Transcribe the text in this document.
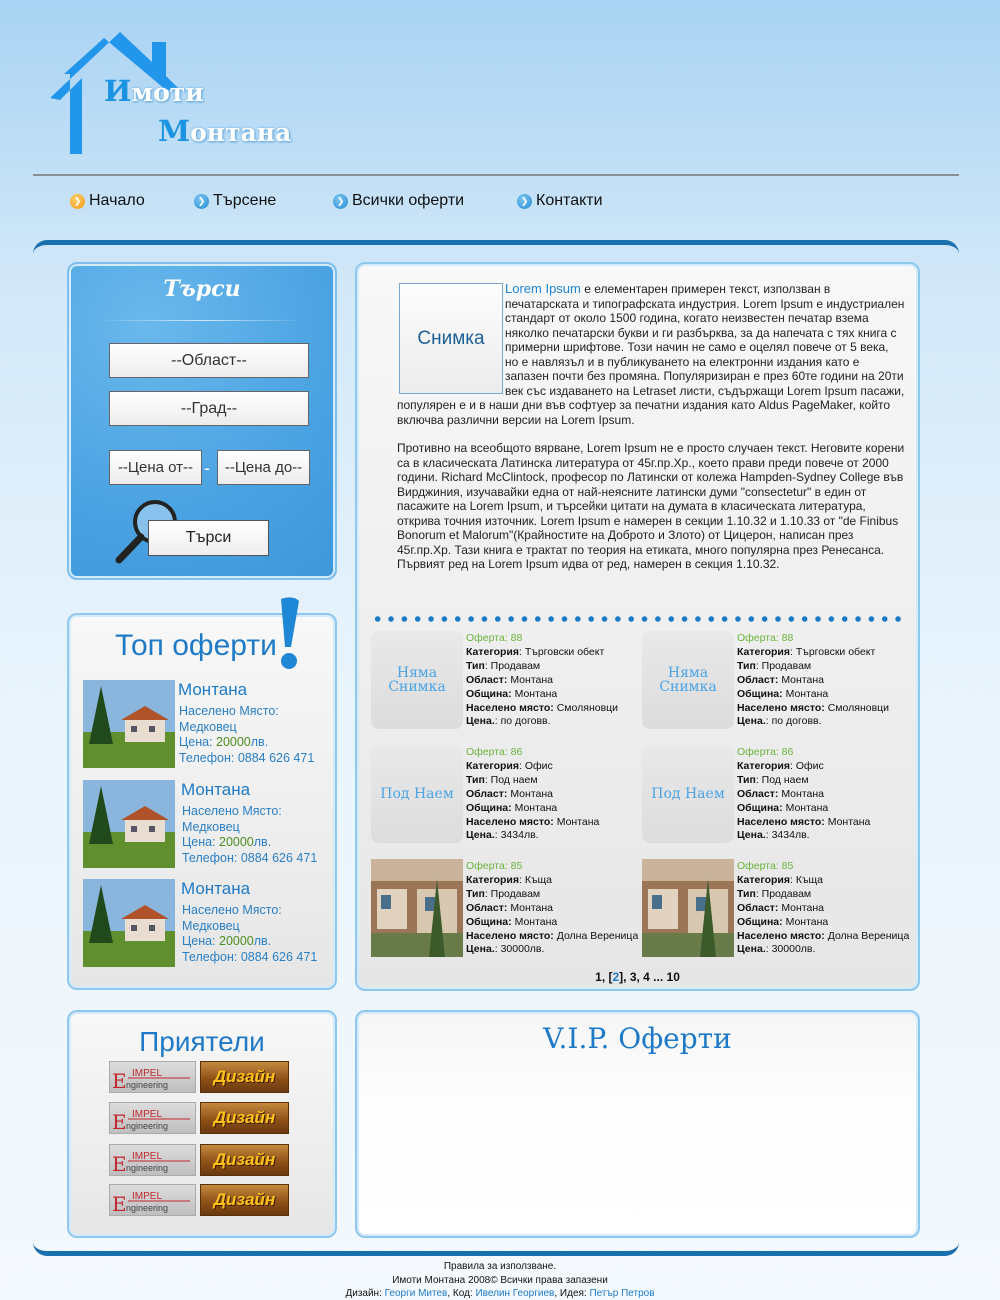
Имоти
Монтана
❯ Начало	❯ Търсене	❯ Всички оферти	❯ Контакти
Търси
--Област--
--Град--
--Цена от-- - --Цена до--
Търси
Топ оферти
Монтана
Населено Място:
Медковец
Цена: 20000лв.
Телефон: 0884 626 471
Монтана
Населено Място:
Медковец
Цена: 20000лв.
Телефон: 0884 626 471
Монтана
Населено Място:
Медковец
Цена: 20000лв.
Телефон: 0884 626 471
Снимка

Lorem Ipsum е елементарен примерен текст, използван в печатарската и типографската индустрия. Lorem Ipsum е индустриален стандарт от около 1500 година, когато неизвестен печатар взема няколко печатарски букви и ги разбърква, за да напечата с тях книга с примерни шрифтове. Този начин не само е оцелял повече от 5 века, но е навлязъл и в публикуването на електронни издания като е запазен почти без промяна. Популяризиран е през 60те години на 20ти век със издаването на Letraset листи, съдържащи Lorem Ipsum пасажи, популярен е и в наши дни във софтуер за печатни издания като Aldus PageMaker, който включва различни версии на Lorem Ipsum.

Противно на всеобщото вярване, Lorem Ipsum не е просто случаен текст. Неговите корени са в класическата Латинска литература от 45г.пр.Хр., което прави преди повече от 2000 години. Richard McClintock, професор по Латински от колежа Hampden-Sydney College във Вирджиния, изучавайки една от най-неясните латински думи "consectetur" в един от пасажите на Lorem Ipsum, и търсейки цитати на думата в класическата литература, открива точния източник. Lorem Ipsum е намерен в секции 1.10.32 и 1.10.33 от "de Finibus Bonorum et Malorum"(Крайностите на Доброто и Злото) от Цицерон, написан през 45г.пр.Хр. Тази книга е трактат по теория на етиката, много популярна през Ренесанса. Първият ред на Lorem Ipsum идва от ред, намерен в секция 1.10.32.

Няма Снимка
Оферта: 88
Категория: Търговски обект
Тип: Продавам
Област: Монтана
Община: Монтана
Населено място: Смоляновци
Цена.: по договв.
Няма Снимка
Оферта: 88
Категория: Търговски обект
Тип: Продавам
Област: Монтана
Община: Монтана
Населено място: Смоляновци
Цена.: по договв.
Под Наем
Оферта: 86
Категория: Офис
Тип: Под наем
Област: Монтана
Община: Монтана
Населено място: Монтана
Цена.: 3434лв.
Под Наем
Оферта: 86
Категория: Офис
Тип: Под наем
Област: Монтана
Община: Монтана
Населено място: Монтана
Цена.: 3434лв.
Оферта: 85
Категория: Къща
Тип: Продавам
Област: Монтана
Община: Монтана
Населено място: Долна Вереница
Цена.: 30000лв.
Оферта: 85
Категория: Къща
Тип: Продавам
Област: Монтана
Община: Монтана
Населено място: Долна Вереница
Цена.: 30000лв.
1, [2], 3, 4 ... 10
Приятели
E IMPEL
ngineering	Дизайн
E IMPEL
ngineering	Дизайн
E IMPEL
ngineering	Дизайн
E IMPEL
ngineering	Дизайн
V.I.P. Оферти
Правила за използване.
Имоти Монтана 2008© Всички права запазени
Дизайн: Георги Митев, Код: Ивелин Георгиев, Идея: Петър Петров
